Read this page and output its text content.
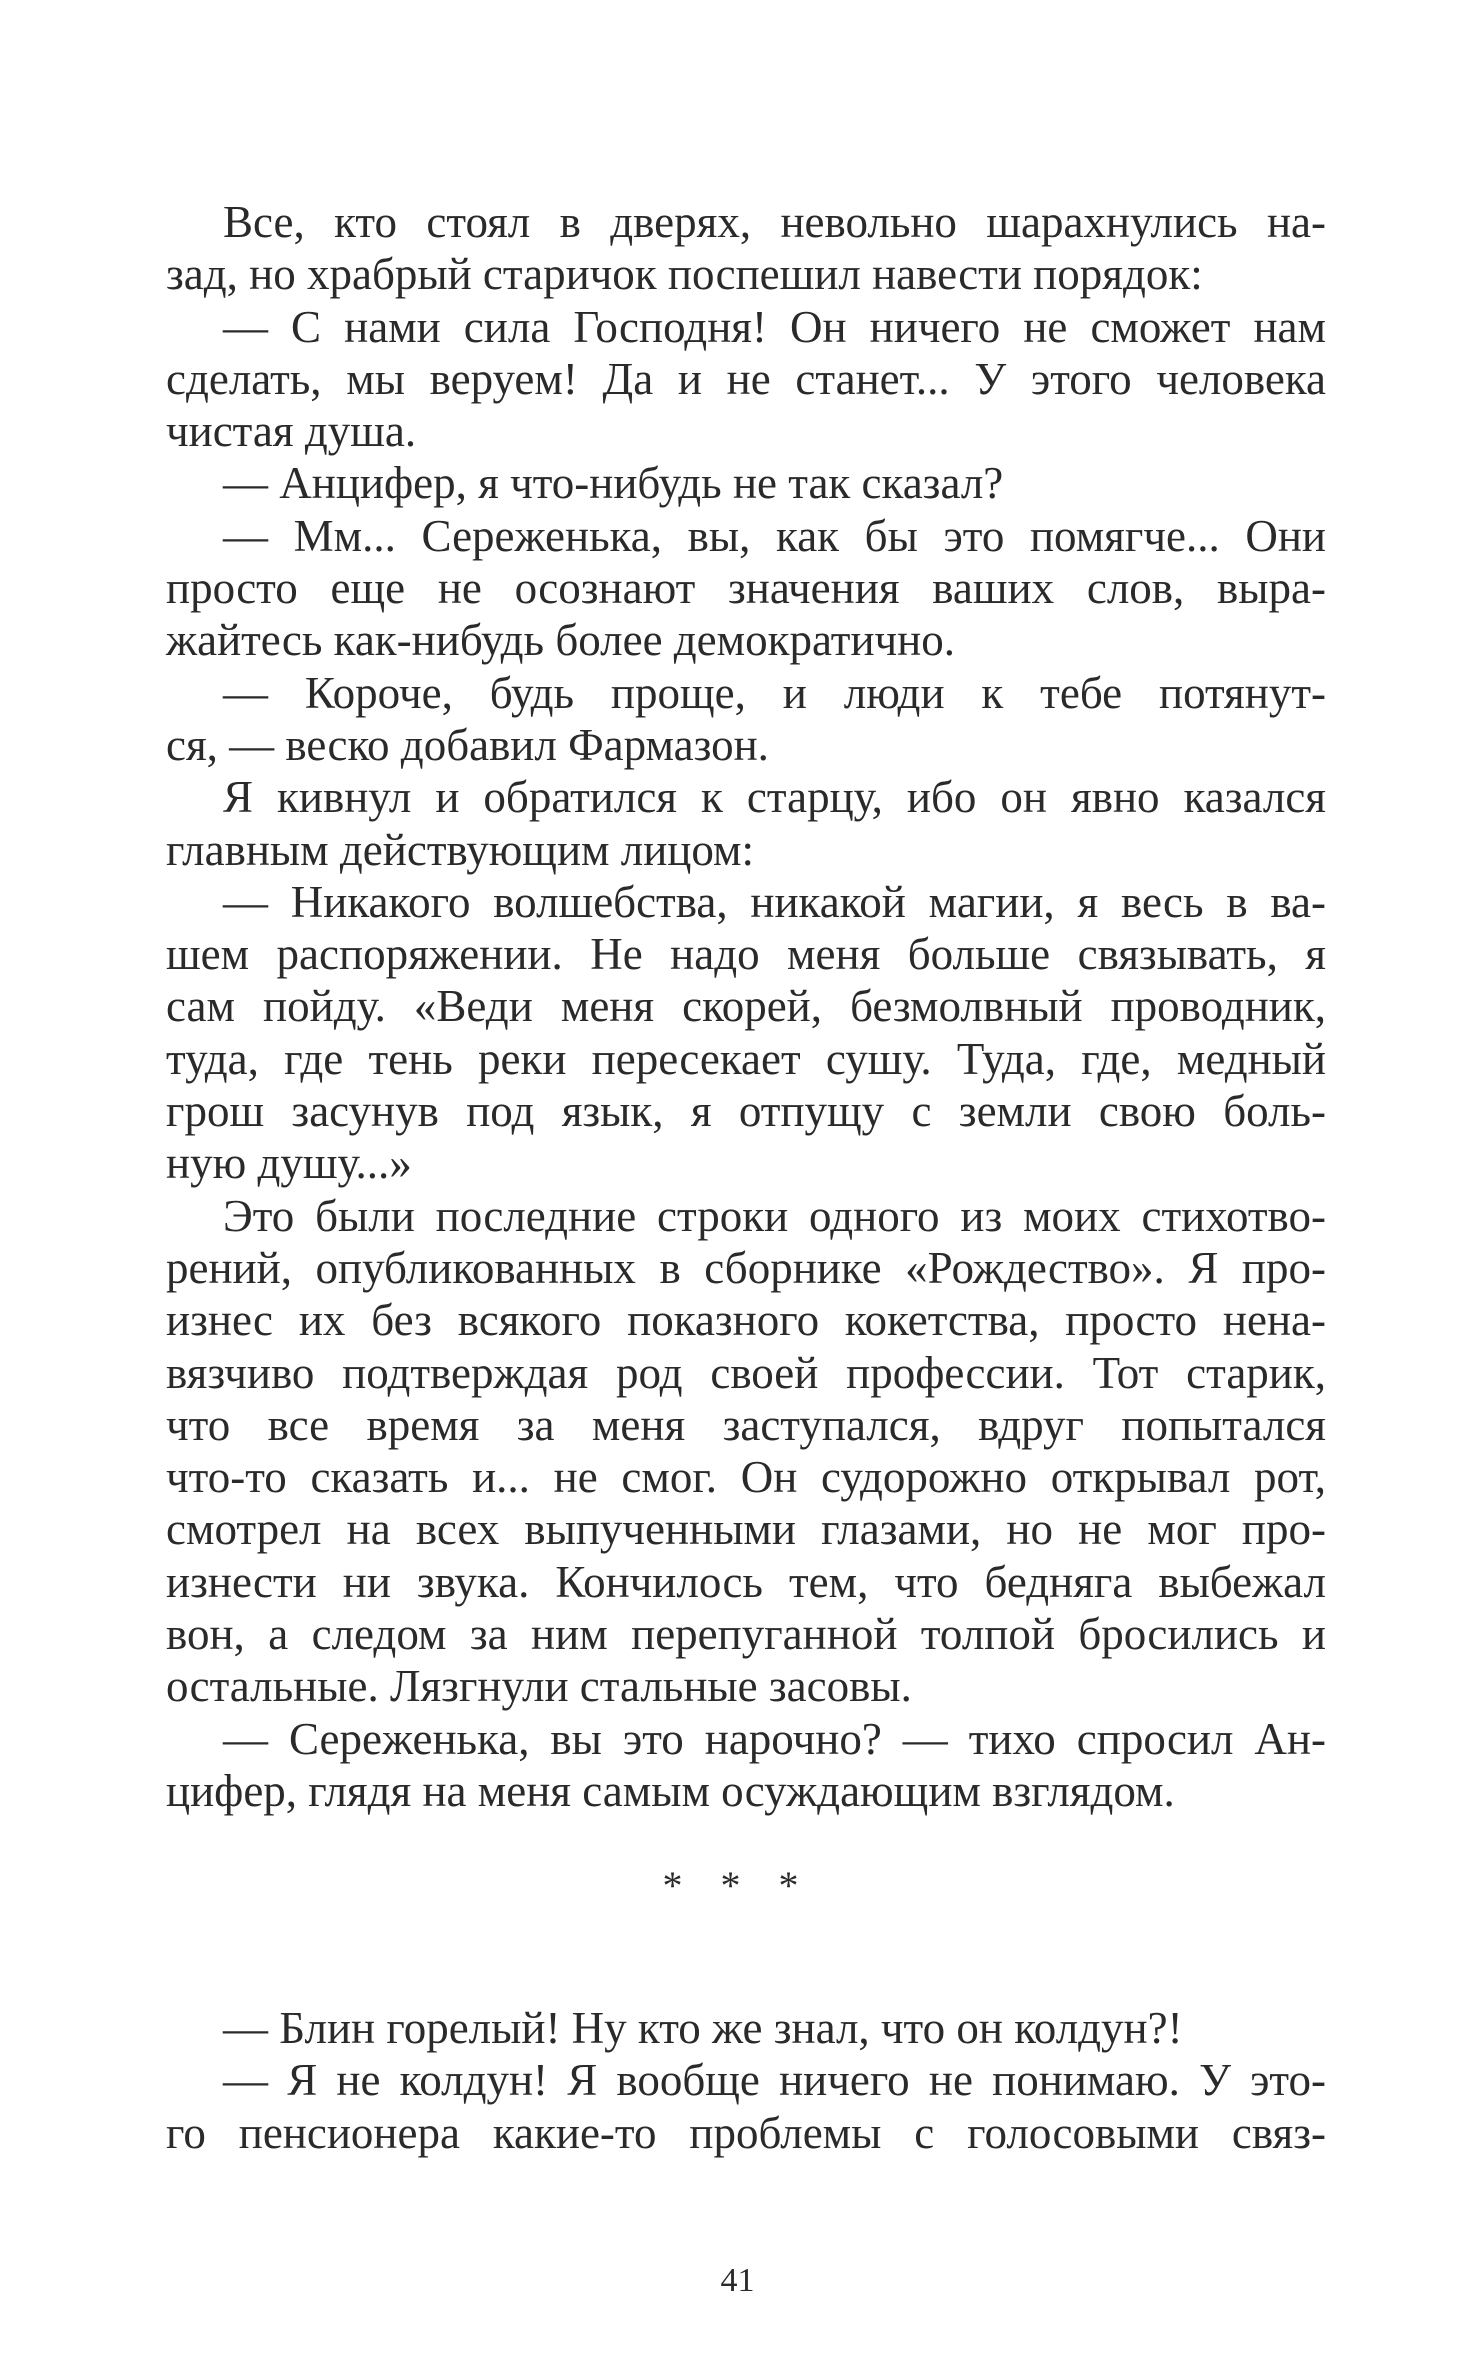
Все, кто стоял в дверях, невольно шарахнулись на-
зад, но храбрый старичок поспешил навести порядок:
— С нами сила Господня! Он ничего не сможет нам
сделать, мы веруем! Да и не станет... У этого человека
чистая душа.
— Анцифер, я что-нибудь не так сказал?
— Мм... Сереженька, вы, как бы это помягче... Они
просто еще не осознают значения ваших слов, выра-
жайтесь как-нибудь более демократично.
— Короче, будь проще, и люди к тебе потянут-
ся, — веско добавил Фармазон.
Я кивнул и обратился к старцу, ибо он явно казался
главным действующим лицом:
— Никакого волшебства, никакой магии, я весь в ва-
шем распоряжении. Не надо меня больше связывать, я
сам пойду. «Веди меня скорей, безмолвный проводник,
туда, где тень реки пересекает сушу. Туда, где, медный
грош засунув под язык, я отпущу с земли свою боль-
ную душу...»
Это были последние строки одного из моих стихотво-
рений, опубликованных в сборнике «Рождество». Я про-
изнес их без всякого показного кокетства, просто нена-
вязчиво подтверждая род своей профессии. Тот старик,
что все время за меня заступался, вдруг попытался
что-то сказать и... не смог. Он судорожно открывал рот,
смотрел на всех выпученными глазами, но не мог про-
изнести ни звука. Кончилось тем, что бедняга выбежал
вон, а следом за ним перепуганной толпой бросились и
остальные. Лязгнули стальные засовы.
— Сереженька, вы это нарочно? — тихо спросил Ан-
цифер, глядя на меня самым осуждающим взглядом.
* * *
— Блин горелый! Ну кто же знал, что он колдун?!
— Я не колдун! Я вообще ничего не понимаю. У это-
го пенсионера какие-то проблемы с голосовыми связ-
41
